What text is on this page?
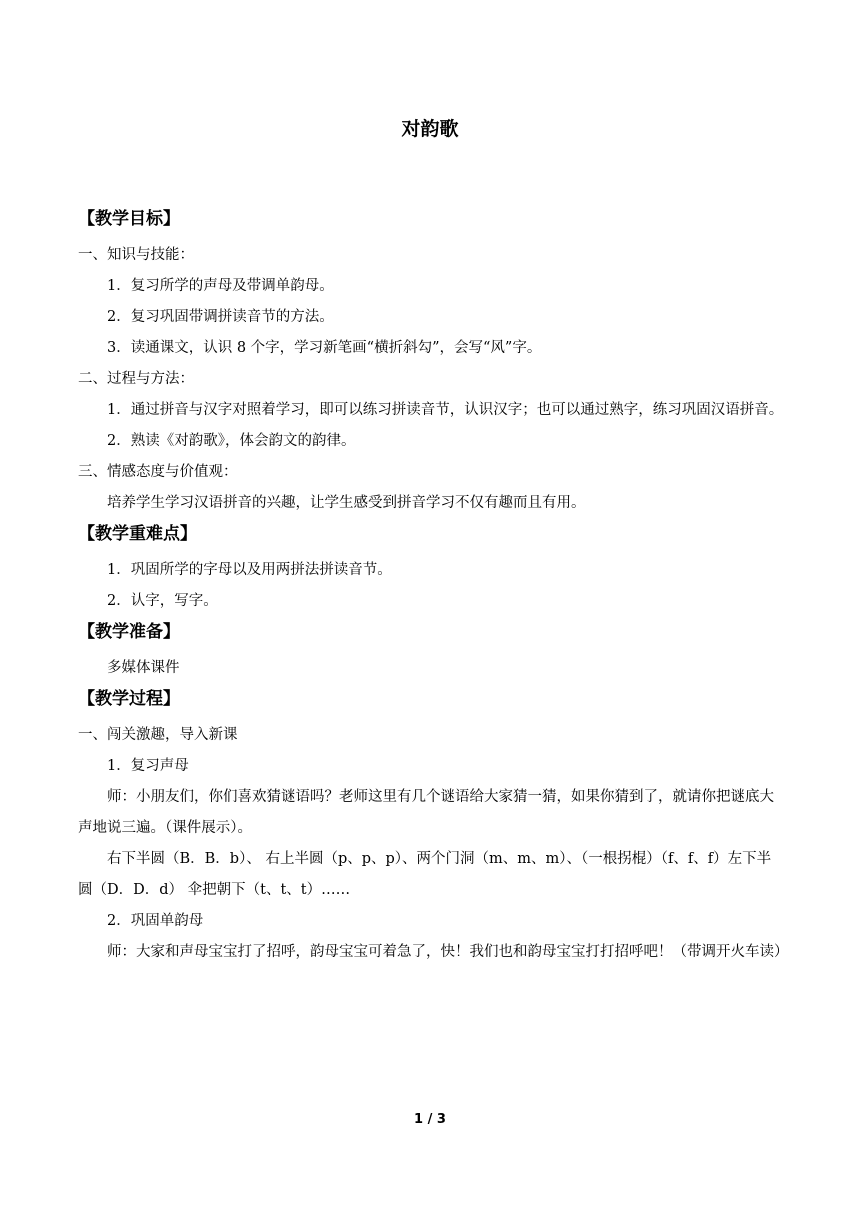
对韵歌
【教学目标】

一、知识与技能：

1．复习所学的声母及带调单韵母。

2．复习巩固带调拼读音节的方法。

3．读通课文，认识 8 个字，学习新笔画“横折斜勾”，会写“风”字。

二、过程与方法：

1．通过拼音与汉字对照着学习，即可以练习拼读音节，认识汉字；也可以通过熟字，练习巩固汉语拼音。

2．熟读《对韵歌》，体会韵文的韵律。

三、情感态度与价值观：

培养学生学习汉语拼音的兴趣，让学生感受到拼音学习不仅有趣而且有用。

【教学重难点】

1．巩固所学的字母以及用两拼法拼读音节。

2．认字，写字。

【教学准备】

多媒体课件

【教学过程】

一、闯关激趣，导入新课

1．复习声母

师：小朋友们，你们喜欢猜谜语吗？老师这里有几个谜语给大家猜一猜，如果你猜到了，就请你把谜底大声地说三遍。（课件展示）。

右下半圆（B．B．b）、 右上半圆（p、p、p）、两个门洞（m、m、m）、（一根拐棍）（f、f、f）左下半圆（D．D．d） 伞把朝下（t、t、t）……

2．巩固单韵母

师：大家和声母宝宝打了招呼，韵母宝宝可着急了，快！我们也和韵母宝宝打打招呼吧！（带调开火车读）

1 / 3
